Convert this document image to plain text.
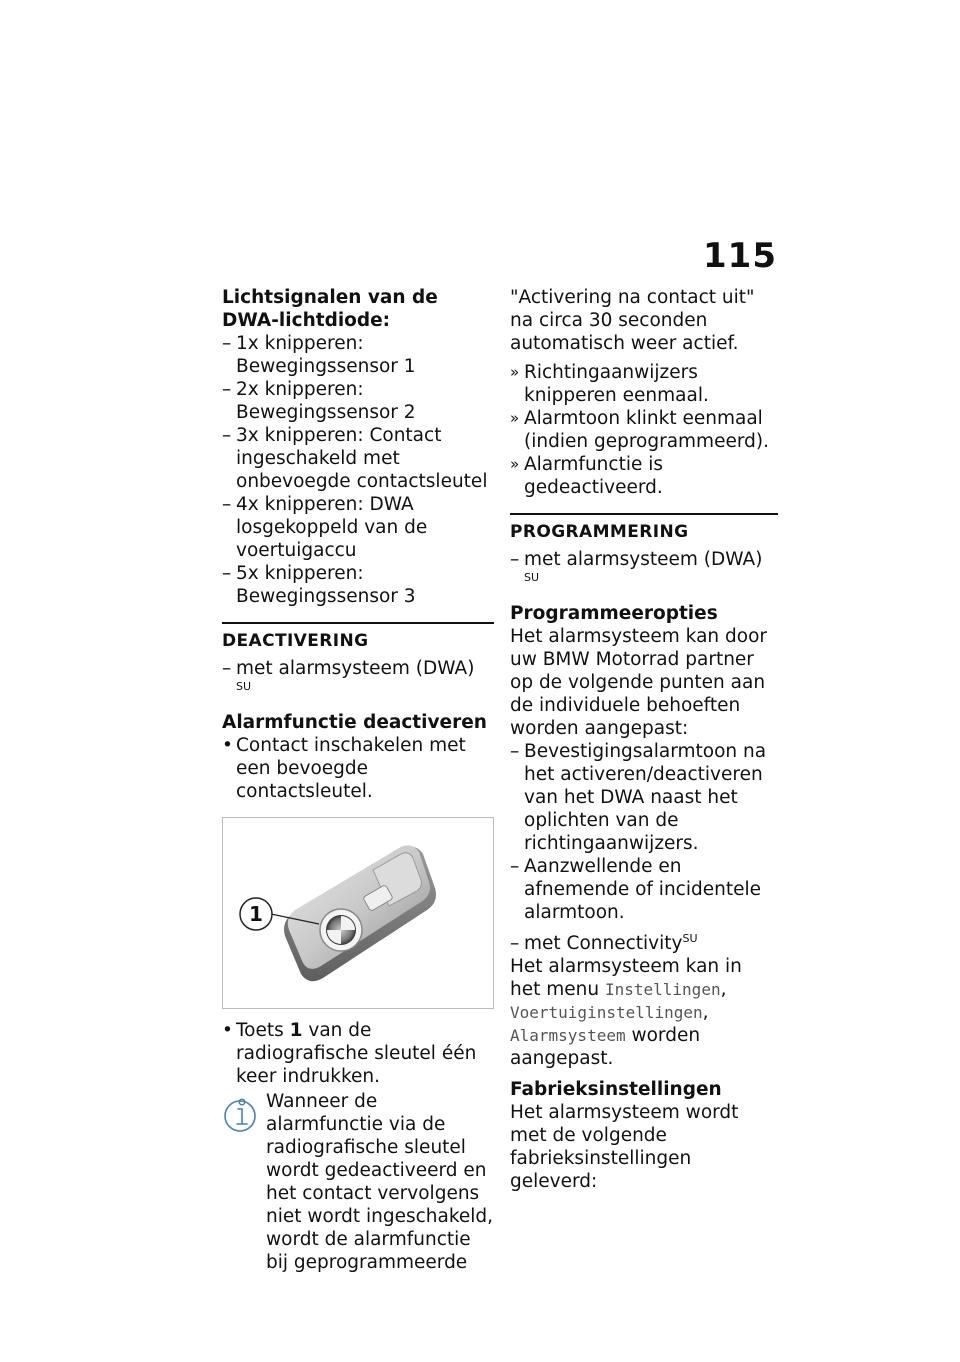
115

Lichtsignalen van de DWA-lichtdiode:

– 1x knipperen: Bewegingssensor 1
– 2x knipperen: Bewegingssensor 2
– 3x knipperen: Contact ingeschakeld met onbevoegde contactsleutel
– 4x knipperen: DWA losgekoppeld van de voertuigaccu
– 5x knipperen: Bewegingssensor 3
DEACTIVERING
– met alarmsysteem (DWA) $^{SU}$

Alarmfunctie deactiveren

• Contact inschakelen met een bevoegde contactsleutel.
1
• Toets 1 van de radiografische sleutel één keer indrukken.
Wanneer de alarmfunctie via de radiografische sleutel wordt gedeactiveerd en het contact vervolgens niet wordt ingeschakeld, wordt de alarmfunctie bij geprogrammeerde
"Activering na contact uit" na circa 30 seconden automatisch weer actief.
» Richtingaanwijzers knipperen eenmaal.
» Alarmtoon klinkt eenmaal (indien geprogrammeerd).
» Alarmfunctie is gedeactiveerd.
PROGRAMMERING
– met alarmsysteem (DWA) $^{SU}$

Programmeeropties

Het alarmsysteem kan door uw BMW Motorrad partner op de volgende punten aan de individuele behoeften worden aangepast:
– Bevestigingsalarmtoon na het activeren/deactiveren van het DWA naast het oplichten van de richtingaanwijzers.
– Aanzwellende en afnemende of incidentele alarmtoon.
– met Connectivity$^{SU}$
Het alarmsysteem kan in het menu Instellingen, Voertuiginstellingen, Alarmsysteem worden aangepast.

Fabrieksinstellingen

Het alarmsysteem wordt met de volgende fabrieksinstellingen geleverd:
